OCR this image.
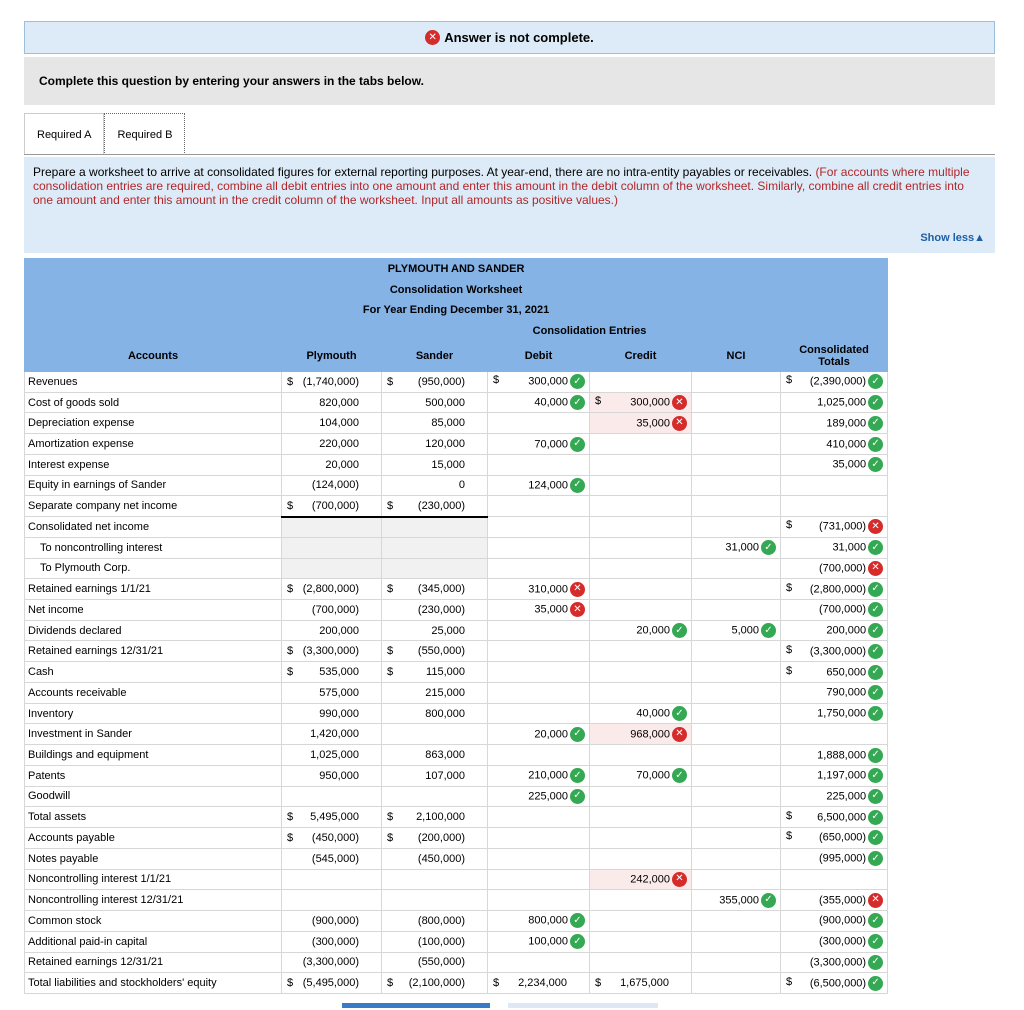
✕ Answer is not complete.
Complete this question by entering your answers in the tabs below.
Required A	Required B
Prepare a worksheet to arrive at consolidated figures for external reporting purposes. At year-end, there are no intra-entity payables or receivables. (For accounts where multiple consolidation entries are required, combine all debit entries into one amount and enter this amount in the debit column of the worksheet. Similarly, combine all credit entries into one amount and enter this amount in the credit column of the worksheet. Input all amounts as positive values.)
Show less▲
PLYMOUTH AND SANDER						
Consolidation Worksheet						
For Year Ending December 31, 2021						
			Consolidation Entries			
Accounts	Plymouth	Sander	Debit	Credit	NCI	Consolidated Totals
Revenues	$ (1,740,000)	$ (950,000)	$ 300,000 ✓			$ (2,390,000) ✓
Cost of goods sold	820,000	500,000	40,000 ✓	$ 300,000 ✕		1,025,000 ✓
Depreciation expense	104,000	85,000		35,000 ✕		189,000 ✓
Amortization expense	220,000	120,000	70,000 ✓			410,000 ✓
Interest expense	20,000	15,000				35,000 ✓
Equity in earnings of Sander	(124,000)	0	124,000 ✓			
Separate company net income	$ (700,000)	$ (230,000)				
Consolidated net income						$ (731,000) ✕
To noncontrolling interest					31,000 ✓	31,000 ✓
To Plymouth Corp.						(700,000) ✕
Retained earnings 1/1/21	$ (2,800,000)	$ (345,000)	310,000 ✕			$ (2,800,000) ✓
Net income	(700,000)	(230,000)	35,000 ✕			(700,000) ✓
Dividends declared	200,000	25,000		20,000 ✓	5,000 ✓	200,000 ✓
Retained earnings 12/31/21	$ (3,300,000)	$ (550,000)				$ (3,300,000) ✓
Cash	$ 535,000	$ 115,000				$ 650,000 ✓
Accounts receivable	575,000	215,000				790,000 ✓
Inventory	990,000	800,000		40,000 ✓		1,750,000 ✓
Investment in Sander	1,420,000		20,000 ✓	968,000 ✕		
Buildings and equipment	1,025,000	863,000				1,888,000 ✓
Patents	950,000	107,000	210,000 ✓	70,000 ✓		1,197,000 ✓
Goodwill			225,000 ✓			225,000 ✓
Total assets	$ 5,495,000	$ 2,100,000				$ 6,500,000 ✓
Accounts payable	$ (450,000)	$ (200,000)				$ (650,000) ✓
Notes payable	(545,000)	(450,000)				(995,000) ✓
Noncontrolling interest 1/1/21				242,000 ✕		
Noncontrolling interest 12/31/21					355,000 ✓	(355,000) ✕
Common stock	(900,000)	(800,000)	800,000 ✓			(900,000) ✓
Additional paid-in capital	(300,000)	(100,000)	100,000 ✓			(300,000) ✓
Retained earnings 12/31/21	(3,300,000)	(550,000)				(3,300,000) ✓
Total liabilities and stockholders' equity	$ (5,495,000)	$ (2,100,000)	$ 2,234,000	$ 1,675,000		$ (6,500,000) ✓
